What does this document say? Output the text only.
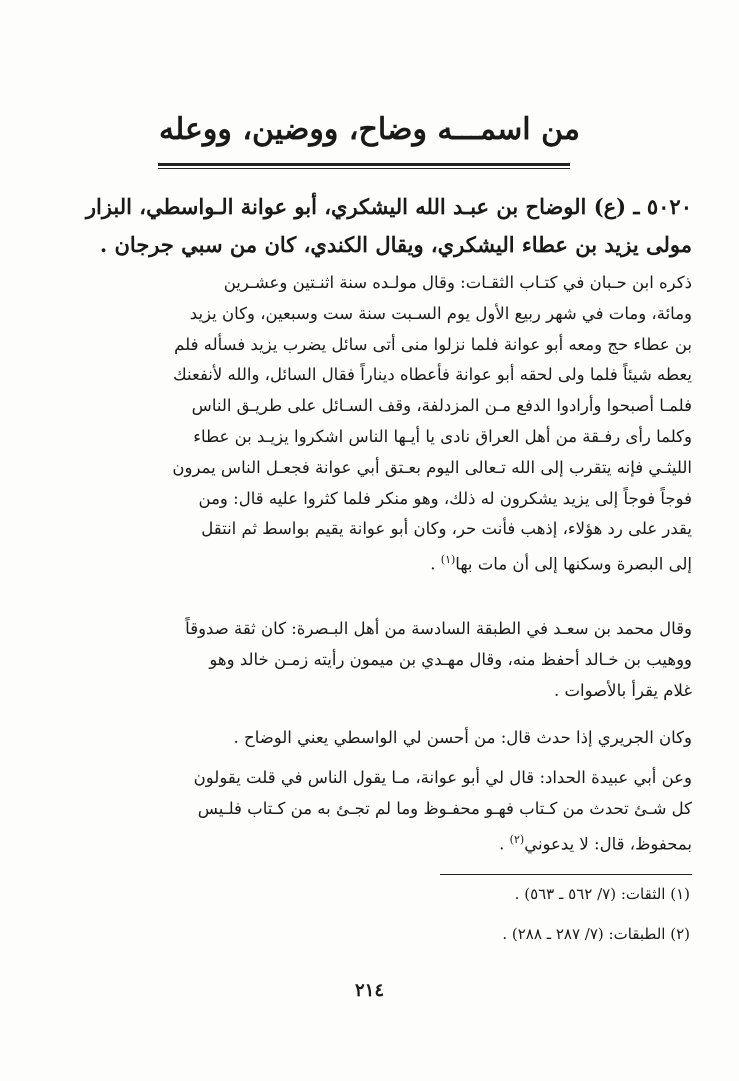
من اسمـــه وضاح، ووضين، ووعله
٥٠٢٠ ـ (ع) الوضاح بن عبـد الله اليشكري، أبو عوانة الـواسطي، البزار
مولى يزيد بن عطاء اليشكري، ويقال الكندي، كان من سبي جرجان .
ذكره ابن حـبان في كتـاب الثقـات: وقال مولـده سنة اثنـتين وعشـرين
ومائة، ومات في شهر ربيع الأول يوم السـبت سنة ست وسبعين، وكان يزيد
بن عطاء حج ومعه أبو عوانة فلما نزلوا منى أتى سائل يضرب يزيد فسأله فلم
يعطه شيئاً فلما ولى لحقه أبو عوانة فأعطاه ديناراً فقال السائل، والله لأنفعنك
فلمـا أصبحوا وأرادوا الدفع مـن المزدلفة، وقف السـائل على طريـق الناس
وكلما رأى رفـقة من أهل العراق نادى يا أيـها الناس اشكروا يزيـد بن عطاء
الليثـي فإنه يتقرب إلى الله تـعالى اليوم بعـتق أبي عوانة فجعـل الناس يمرون
فوجاً فوجاً إلى يزيد يشكرون له ذلك، وهو منكر فلما كثروا عليه قال: ومن
يقدر على رد هؤلاء، إذهب فأنت حر، وكان أبو عوانة يقيم بواسط ثم انتقل
إلى البصرة وسكنها إلى أن مات بها$^{(١)}$ .
وقال محمد بن سعـد في الطبقة السادسة من أهل البـصرة: كان ثقة صدوقاً
ووهيب بن خـالد أحفظ منه، وقال مهـدي بن ميمون رأيته زمـن خالد وهو
غلام يقرأ بالأصوات .
وكان الجريري إذا حدث قال: من أحسن لي الواسطي يعني الوضاح .
وعن أبي عبيدة الحداد: قال لي أبو عوانة، مـا يقول الناس في قلت يقولون
كل شـئ تحدث من كـتاب فهـو محفـوظ وما لم تجـئ به من كـتاب فلـيس
بمحفوظ، قال: لا يدعوني$^{(٢)}$ .
(١) الثقات: (٧/ ٥٦٢ ـ ٥٦٣) .
(٢) الطبقات: (٧/ ٢٨٧ ـ ٢٨٨) .
٢١٤
